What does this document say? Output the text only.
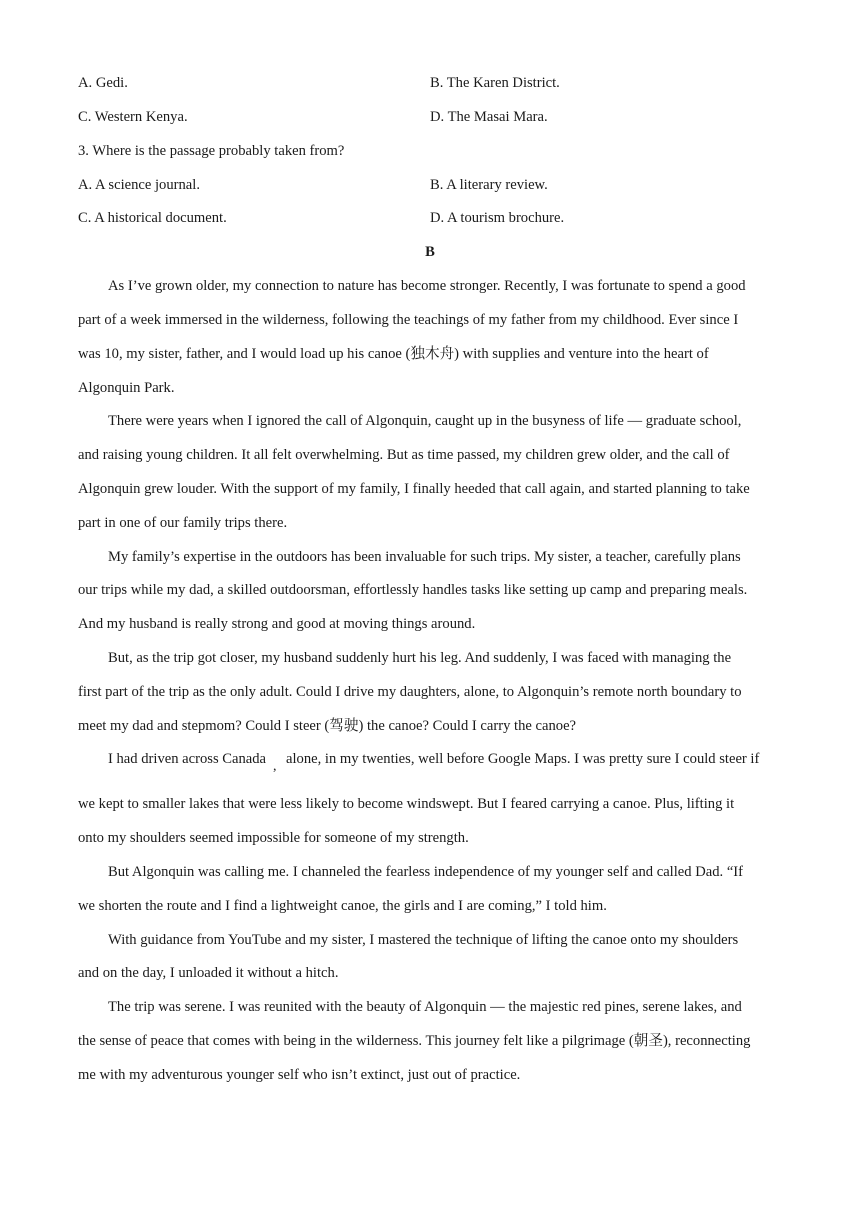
A. Gedi.	B. The Karen District.
C. Western Kenya.	D. The Masai Mara.
3. Where is the passage probably taken from?
A. A science journal.	B. A literary review.
C. A historical document.	D. A tourism brochure.
B
As I’ve grown older, my connection to nature has become stronger. Recently, I was fortunate to spend a good
part of a week immersed in the wilderness, following the teachings of my father from my childhood. Ever since I
was 10, my sister, father, and I would load up his canoe (独木舟) with supplies and venture into the heart of
Algonquin Park.
There were years when I ignored the call of Algonquin, caught up in the busyness of life — graduate school,
and raising young children. It all felt overwhelming. But as time passed, my children grew older, and the call of
Algonquin grew louder. With the support of my family, I finally heeded that call again, and started planning to take
part in one of our family trips there.
My family’s expertise in the outdoors has been invaluable for such trips. My sister, a teacher, carefully plans
our trips while my dad, a skilled outdoorsman, effortlessly handles tasks like setting up camp and preparing meals.
And my husband is really strong and good at moving things around.
But, as the trip got closer, my husband suddenly hurt his leg. And suddenly, I was faced with managing the
first part of the trip as the only adult. Could I drive my daughters, alone, to Algonquin’s remote north boundary to
meet my dad and stepmom? Could I steer (驾驶) the canoe? Could I carry the canoe?
I had driven across Canada , alone, in my twenties, well before Google Maps. I was pretty sure I could steer if
we kept to smaller lakes that were less likely to become windswept. But I feared carrying a canoe. Plus, lifting it
onto my shoulders seemed impossible for someone of my strength.
But Algonquin was calling me. I channeled the fearless independence of my younger self and called Dad. “If
we shorten the route and I find a lightweight canoe, the girls and I are coming,” I told him.
With guidance from YouTube and my sister, I mastered the technique of lifting the canoe onto my shoulders
and on the day, I unloaded it without a hitch.
The trip was serene. I was reunited with the beauty of Algonquin — the majestic red pines, serene lakes, and
the sense of peace that comes with being in the wilderness. This journey felt like a pilgrimage (朝圣), reconnecting
me with my adventurous younger self who isn’t extinct, just out of practice.
